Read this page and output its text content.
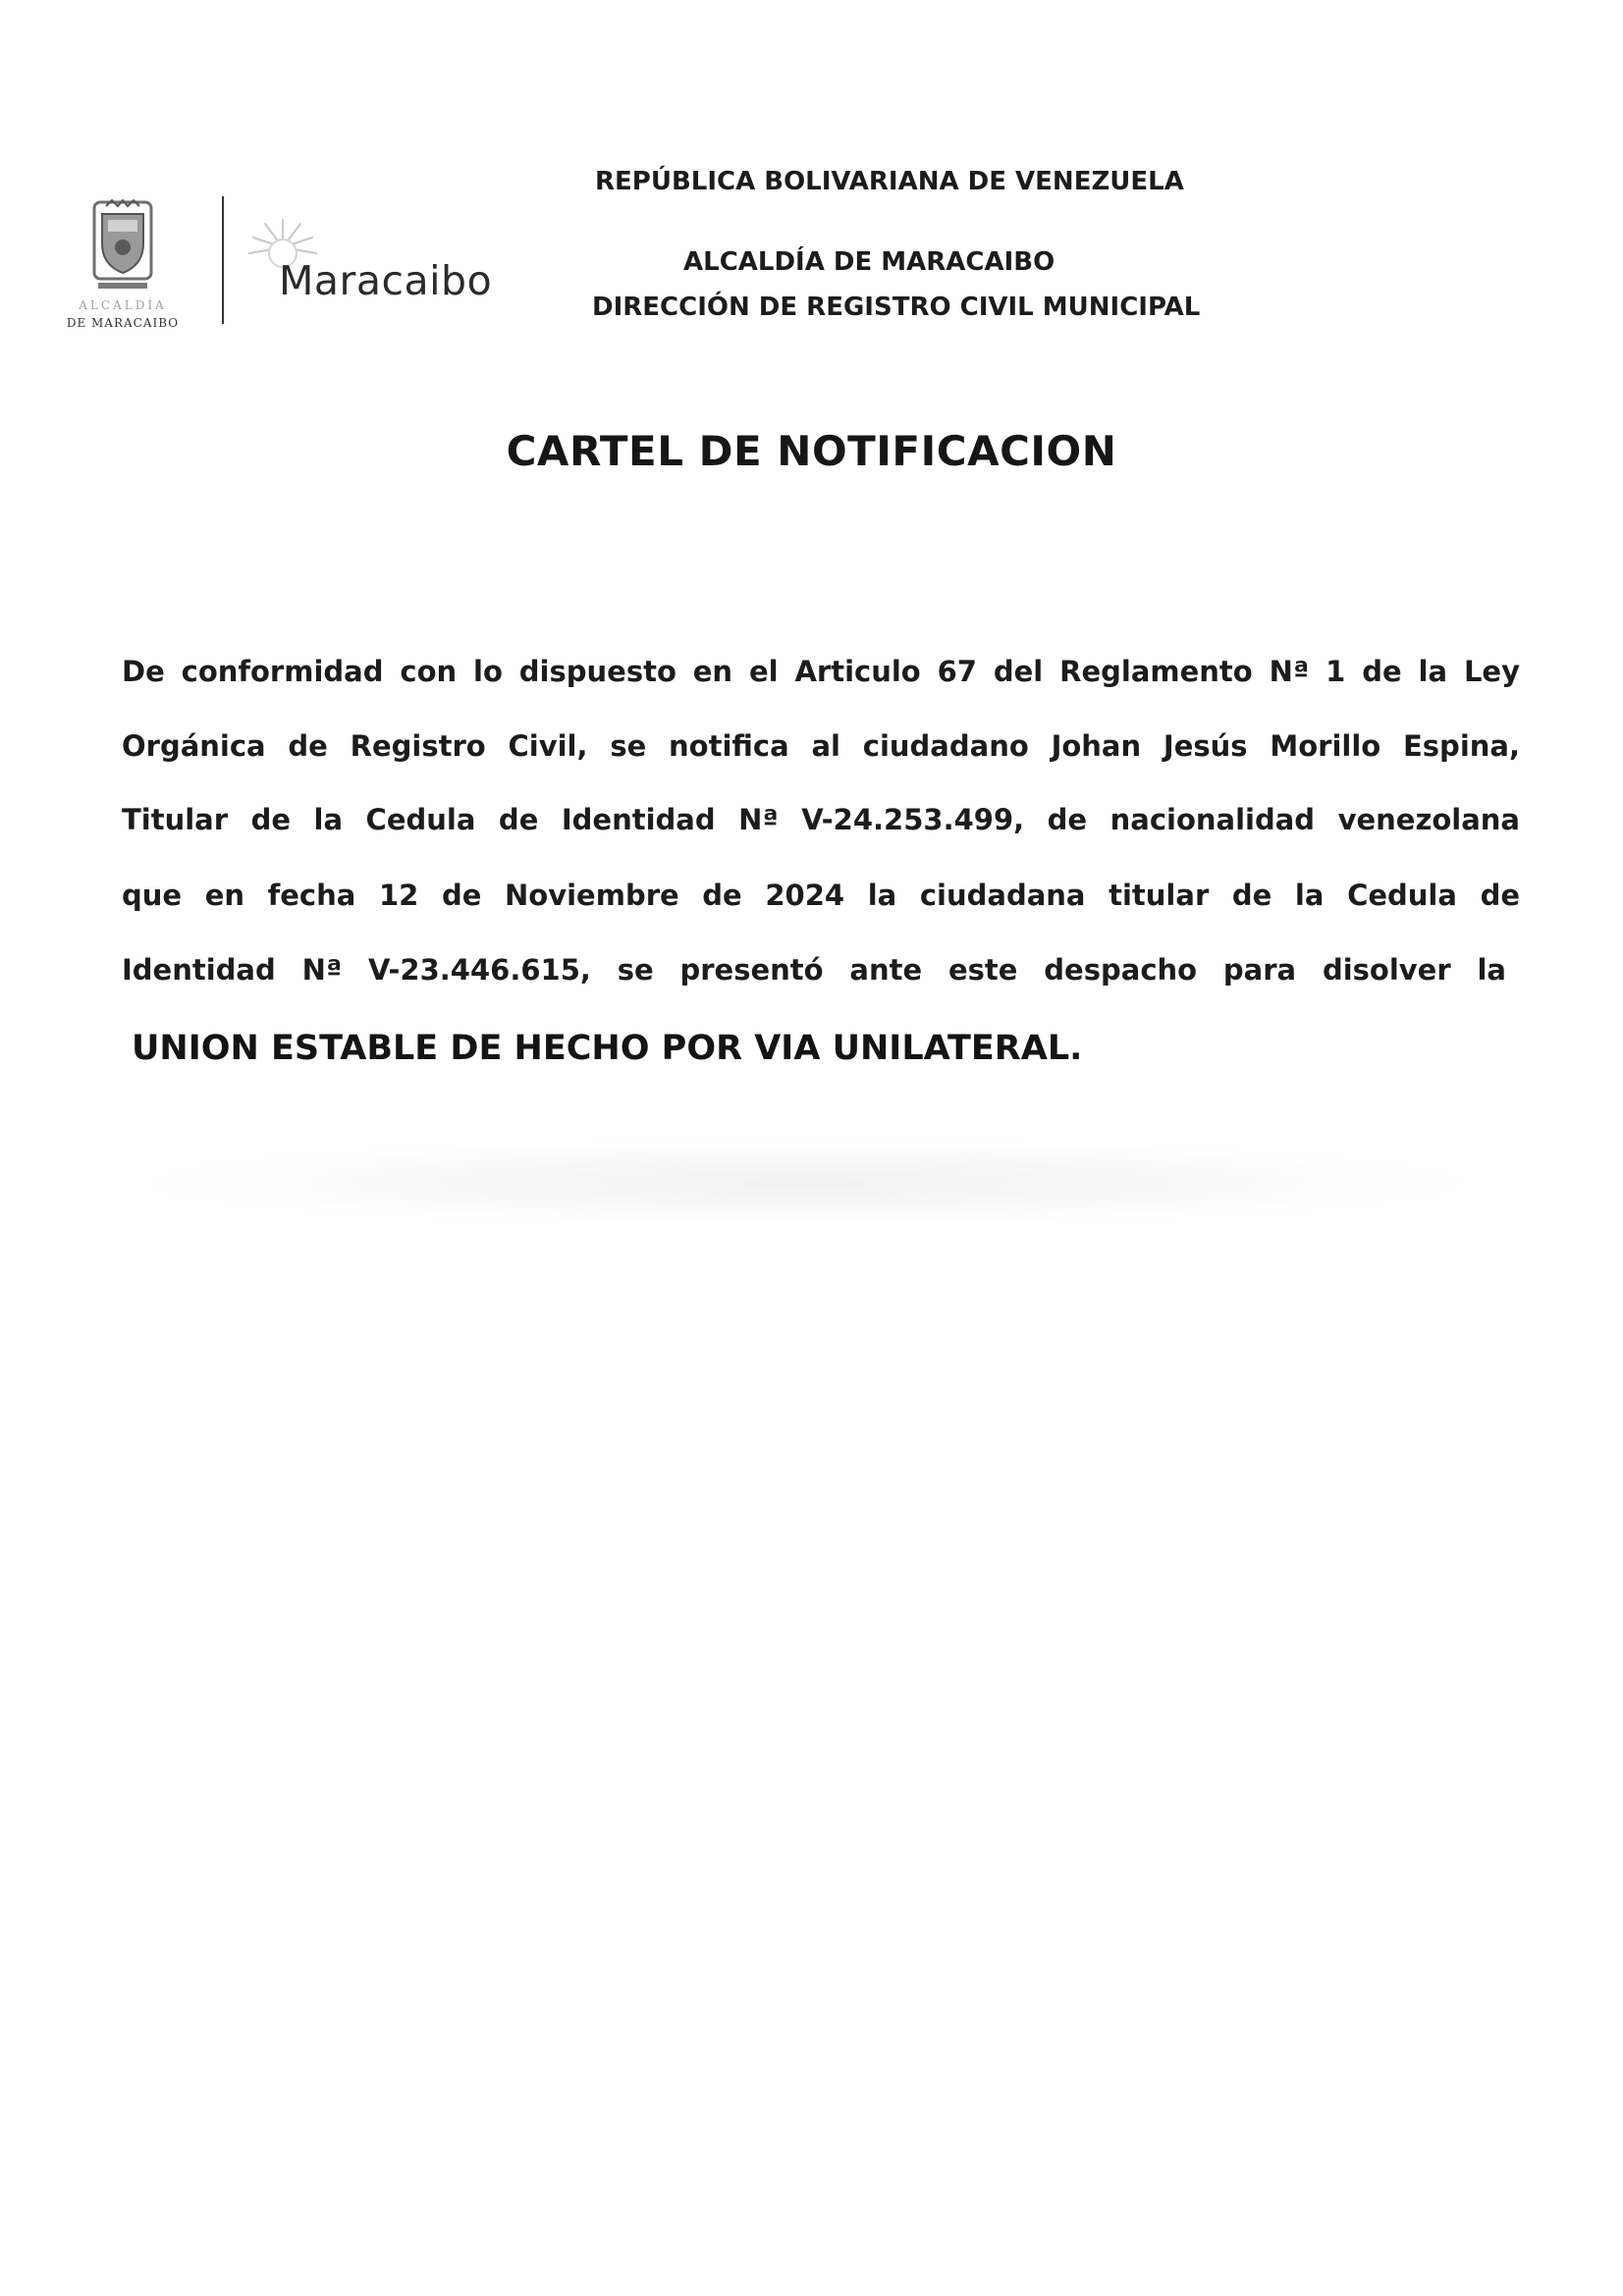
ALCALDÍA
DE MARACAIBO
Maracaibo
REPÚBLICA BOLIVARIANA DE VENEZUELA
ALCALDÍA DE MARACAIBO
DIRECCIÓN DE REGISTRO CIVIL MUNICIPAL
CARTEL DE NOTIFICACION
De conformidad con lo dispuesto en el Articulo 67 del Reglamento Nª 1 de la Ley
Orgánica de Registro Civil, se notifica al ciudadano Johan Jesús Morillo Espina,
Titular de la Cedula de Identidad Nª V-24.253.499, de nacionalidad venezolana
que en fecha 12 de Noviembre de 2024 la ciudadana titular de la Cedula de
Identidad Nª V-23.446.615, se presentó ante este despacho para disolver la
UNION ESTABLE DE HECHO POR VIA UNILATERAL.
